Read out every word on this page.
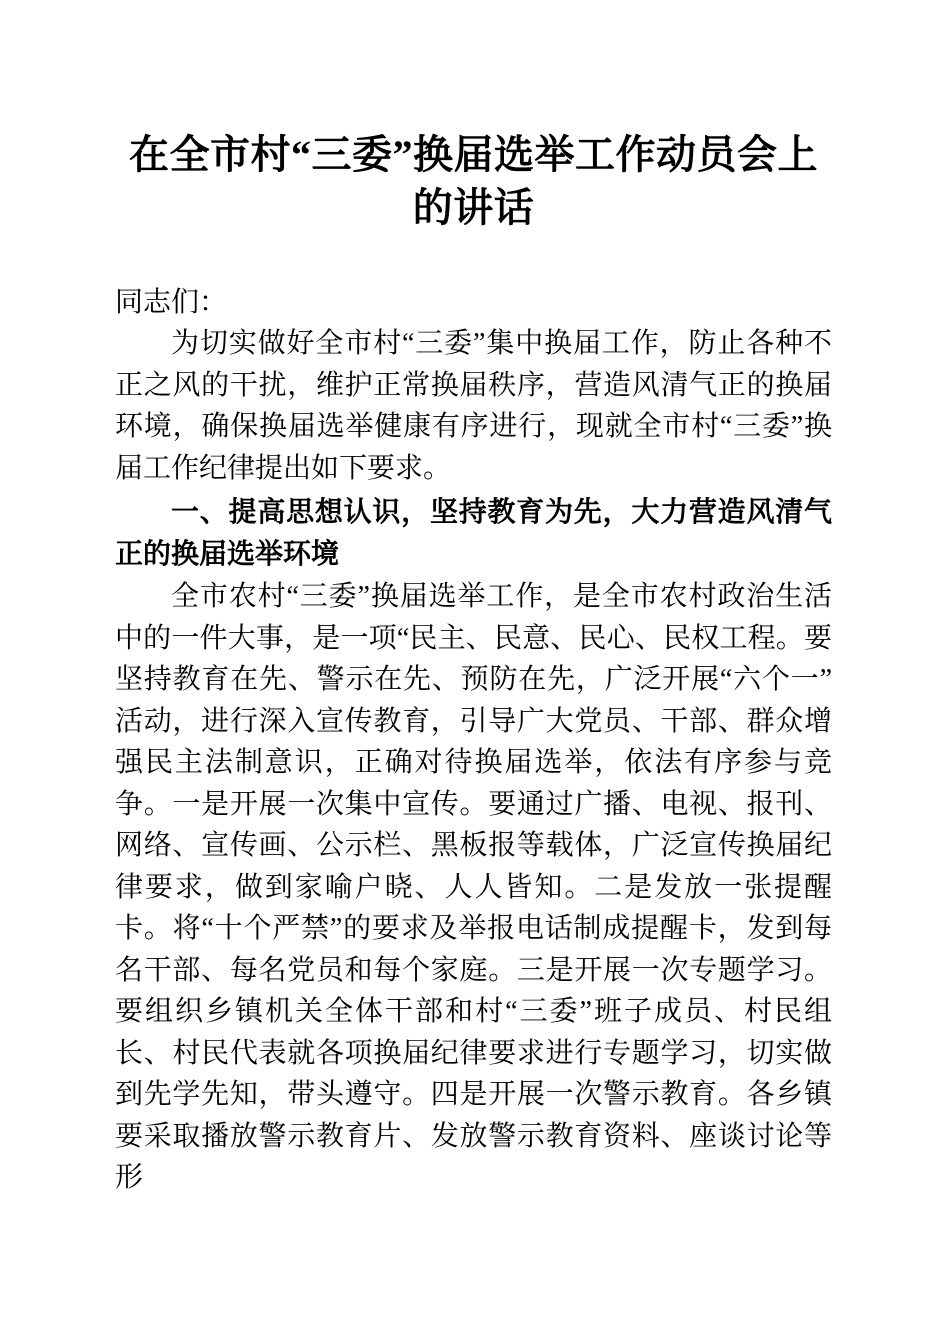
在全市村“三委”换届选举工作动员会上的讲话

同志们：

为切实做好全市村“三委”集中换届工作，防止各种不正之风的干扰，维护正常换届秩序，营造风清气正的换届环境，确保换届选举健康有序进行，现就全市村“三委”换届工作纪律提出如下要求。

一、提高思想认识，坚持教育为先，大力营造风清气正的换届选举环境

全市农村“三委”换届选举工作，是全市农村政治生活中的一件大事，是一项“民主、民意、民心、民权工程。要坚持教育在先、警示在先、预防在先，广泛开展“六个一”活动，进行深入宣传教育，引导广大党员、干部、群众增强民主法制意识，正确对待换届选举，依法有序参与竞争。一是开展一次集中宣传。要通过广播、电视、报刊、网络、宣传画、公示栏、黑板报等载体，广泛宣传换届纪律要求，做到家喻户晓、人人皆知。二是发放一张提醒卡。将“十个严禁”的要求及举报电话制成提醒卡，发到每名干部、每名党员和每个家庭。三是开展一次专题学习。要组织乡镇机关全体干部和村“三委”班子成员、村民组长、村民代表就各项换届纪律要求进行专题学习，切实做到先学先知，带头遵守。四是开展一次警示教育。各乡镇要采取播放警示教育片、发放警示教育资料、座谈讨论等形
